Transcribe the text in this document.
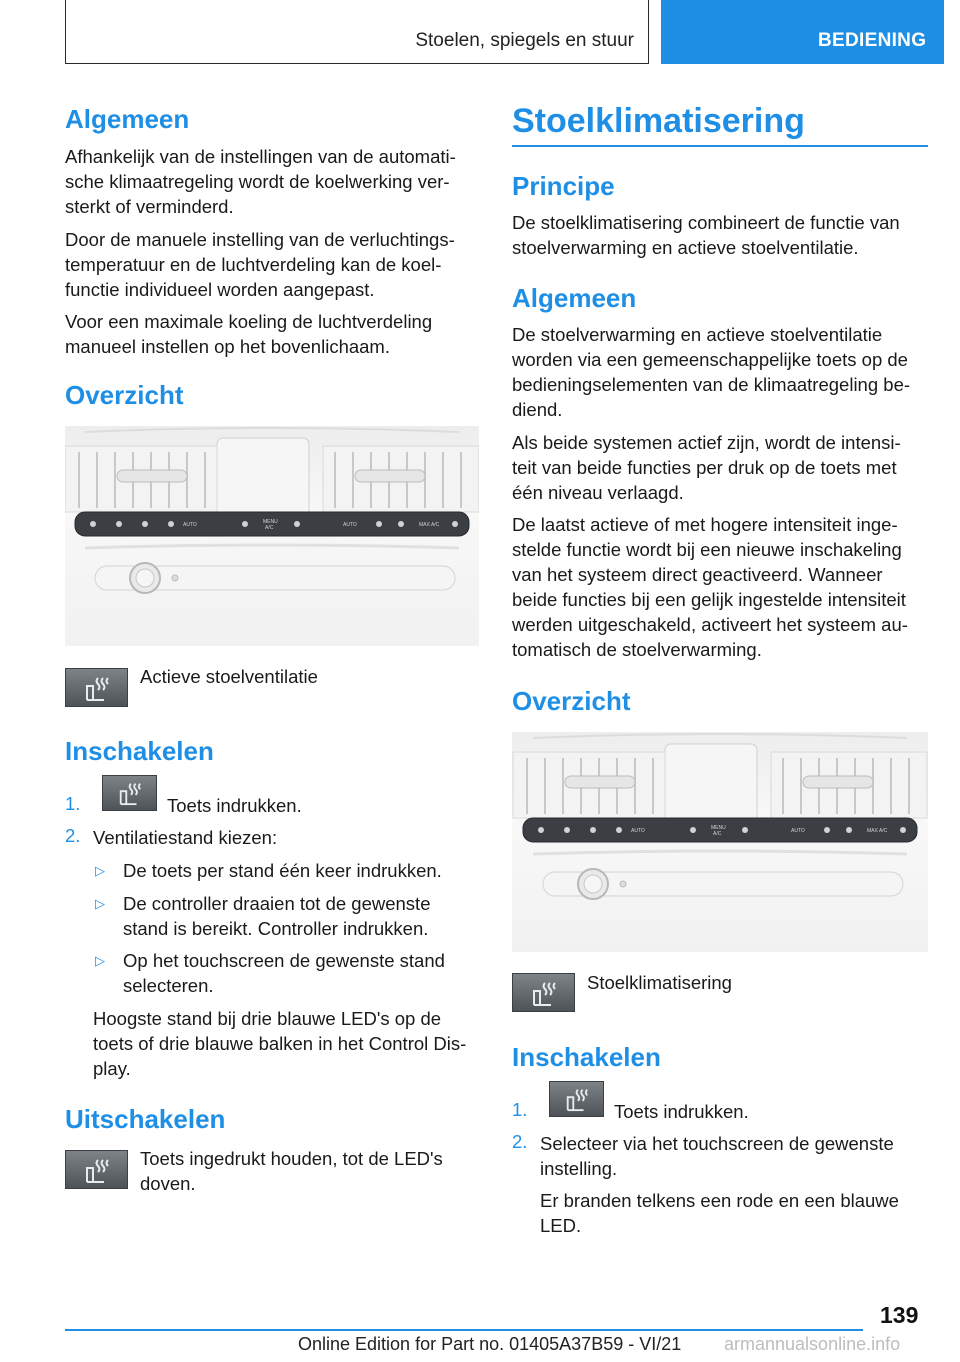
Stoelen, spiegels en stuur	BEDIENING
Algemeen

Afhankelijk van de instellingen van de automati-sche klimaatregeling wordt de koelwerking ver-sterkt of verminderd.

Door de manuele instelling van de verluchtings-temperatuur en de luchtverdeling kan de koel-functie individueel worden aangepast.

Voor een maximale koeling de luchtverdeling manueel instellen op het bovenlichaam.

Overzicht
AUTO	MENU
A/C	AUTO	MAX A/C

Actieve stoelventilatie

Inschakelen
1.	Toets indrukken.

2. Ventilatiestand kiezen:

▷ De toets per stand één keer indrukken.

▷ De controller draaien tot de gewenste stand is bereikt. Controller indrukken.

▷ Op het touchscreen de gewenste stand selecteren.

Hoogste stand bij drie blauwe LED's op de toets of drie blauwe balken in het Control Dis-play.

Uitschakelen

Toets ingedrukt houden, tot de LED's doven.

Stoelklimatisering
Principe

De stoelklimatisering combineert de functie van stoelverwarming en actieve stoelventilatie.

Algemeen

De stoelverwarming en actieve stoelventilatie worden via een gemeenschappelijke toets op de bedieningselementen van de klimaatregeling be-diend.

Als beide systemen actief zijn, wordt de intensi-teit van beide functies per druk op de toets met één niveau verlaagd.

De laatst actieve of met hogere intensiteit inge-stelde functie wordt bij een nieuwe inschakeling van het systeem direct geactiveerd. Wanneer beide functies bij een gelijk ingestelde intensiteit werden uitgeschakeld, activeert het systeem au-tomatisch de stoelverwarming.

Overzicht
AUTO	MENU
A/C	AUTO	MAX A/C

Stoelklimatisering

Inschakelen
1.	Toets indrukken.

2. Selecteer via het touchscreen de gewenste instelling.

Er branden telkens een rode en een blauwe LED.

139
Online Edition for Part no. 01405A37B59 - VI/21 armannualsonline.info
